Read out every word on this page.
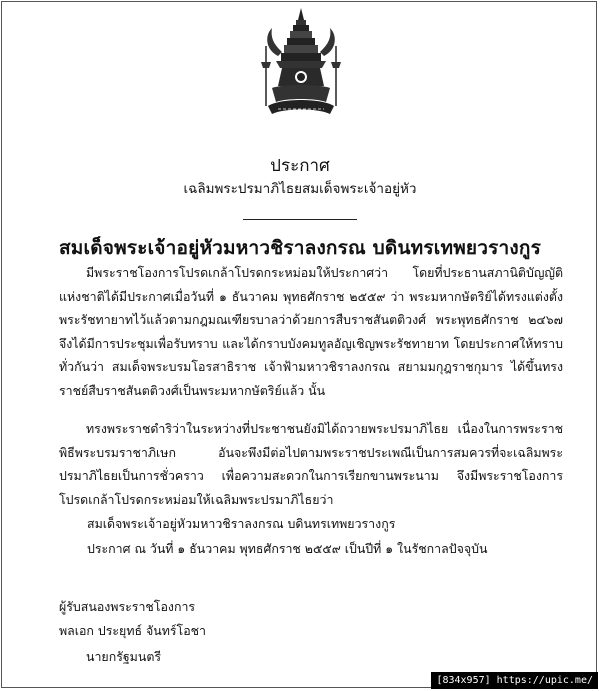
ประกาศ
เฉลิมพระปรมาภิไธยสมเด็จพระเจ้าอยู่หัว
สมเด็จพระเจ้าอยู่หัวมหาวชิราลงกรณ บดินทรเทพยวรางกูร

มีพระราชโองการโปรดเกล้าโปรดกระหม่อมให้ประกาศว่า โดยที่ประธานสภานิติบัญญัติแห่งชาติได้มีประกาศเมื่อวันที่ ๑ ธันวาคม พุทธศักราช ๒๕๕๙ ว่า พระมหากษัตริย์ได้ทรงแต่งตั้งพระรัชทายาทไว้แล้วตามกฎมณเฑียรบาลว่าด้วยการสืบราชสันตติวงศ์ พระพุทธศักราช ๒๔๖๗ จึงได้มีการประชุมเพื่อรับทราบ และได้กราบบังคมทูลอัญเชิญพระรัชทายาท โดยประกาศให้ทราบทั่วกันว่า สมเด็จพระบรมโอรสาธิราช เจ้าฟ้ามหาวชิราลงกรณ สยามมกุฎราชกุมาร ได้ขึ้นทรงราชย์สืบราชสันตติวงศ์เป็นพระมหากษัตริย์แล้ว นั้น

ทรงพระราชดำริว่าในระหว่างที่ประชาชนยังมิได้ถวายพระปรมาภิไธย เนื่องในการพระราชพิธีพระบรมราชาภิเษก อันจะพึงมีต่อไปตามพระราชประเพณีเป็นการสมควรที่จะเฉลิมพระปรมาภิไธยเป็นการชั่วคราว เพื่อความสะดวกในการเรียกขานพระนาม จึงมีพระราชโองการโปรดเกล้าโปรดกระหม่อมให้เฉลิมพระปรมาภิไธยว่า

สมเด็จพระเจ้าอยู่หัวมหาวชิราลงกรณ บดินทรเทพยวรางกูร
ประกาศ ณ วันที่ ๑ ธันวาคม พุทธศักราช ๒๕๕๙ เป็นปีที่ ๑ ในรัชกาลปัจจุบัน
ผู้รับสนองพระราชโองการ
พลเอก ประยุทธ์ จันทร์โอชา
นายกรัฐมนตรี
[834x957] https://upic.me/
